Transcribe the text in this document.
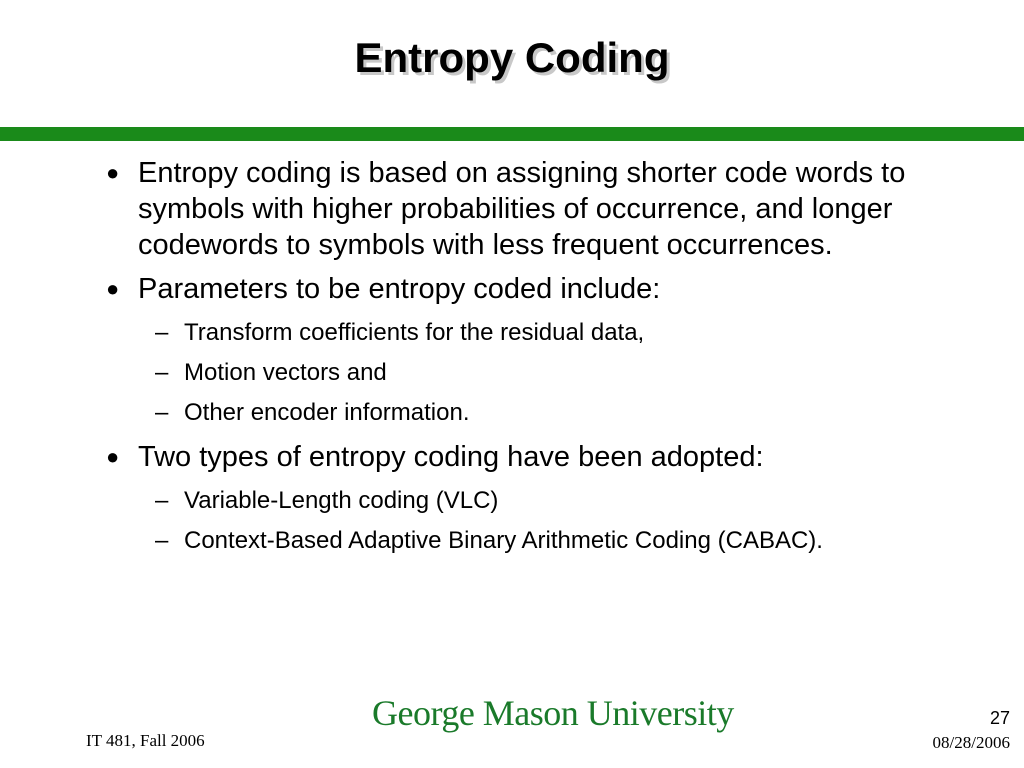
Entropy Coding
● Entropy coding is based on assigning shorter code words to symbols with higher probabilities of occurrence, and longer codewords to symbols with less frequent occurrences.
● Parameters to be entropy coded include:
– Transform coefficients for the residual data,
– Motion vectors and
– Other encoder information.
● Two types of entropy coding have been adopted:
– Variable-Length coding (VLC)
– Context-Based Adaptive Binary Arithmetic Coding (CABAC).
George Mason University
IT 481, Fall 2006
27
08/28/2006
